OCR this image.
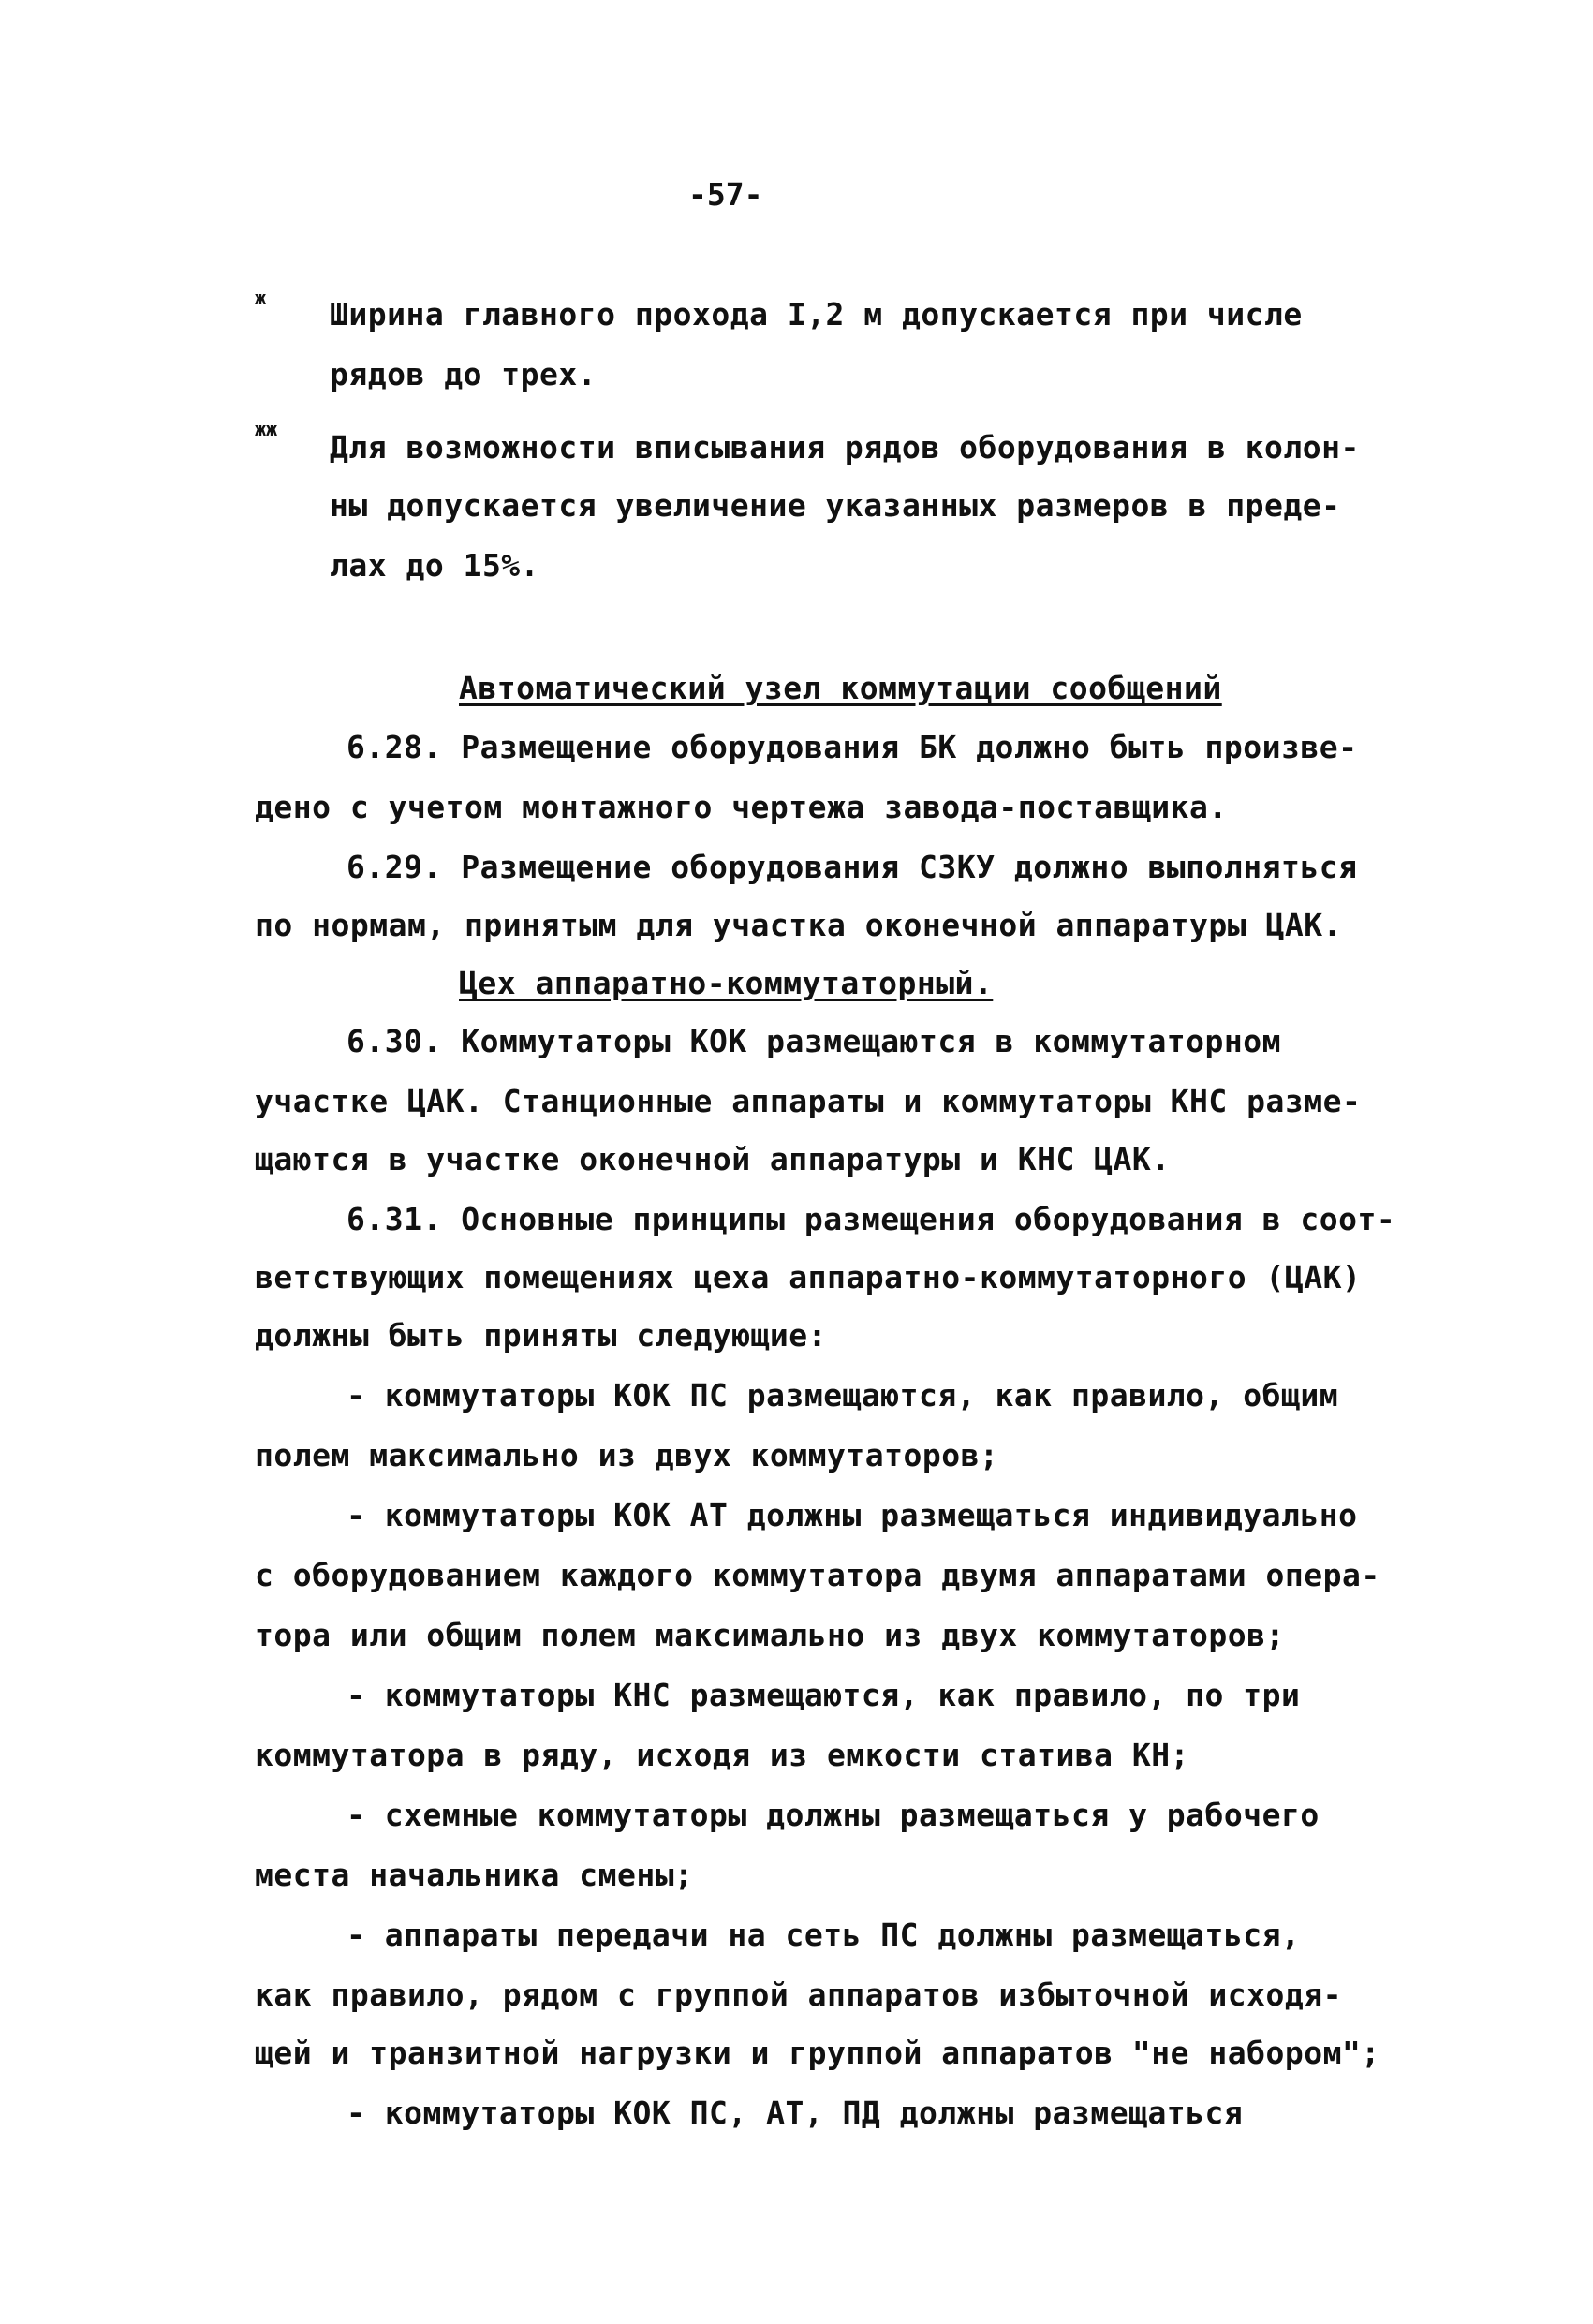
-57-
ж Ширина главного прохода I,2 м допускается при числе
рядов до трех.
жж Для возможности вписывания рядов оборудования в колон-
ны допускается увеличение указанных размеров в преде-
лах до 15%.
Автоматический узел коммутации сообщений
6.28. Размещение оборудования БК должно быть произве-
дено с учетом монтажного чертежа завода-поставщика.
6.29. Размещение оборудования СЗКУ должно выполняться
по нормам, принятым для участка оконечной аппаратуры ЦАК.
Цех аппаратно-коммутаторный.
6.30. Коммутаторы КОК размещаются в коммутаторном
участке ЦАК. Станционные аппараты и коммутаторы КНС разме-
щаются в участке оконечной аппаратуры и КНС ЦАК.
6.31. Основные принципы размещения оборудования в соот-
ветствующих помещениях цеха аппаратно-коммутаторного (ЦАК)
должны быть приняты следующие:
- коммутаторы КОК ПС размещаются, как правило, общим
полем максимально из двух коммутаторов;
- коммутаторы КОК АТ должны размещаться индивидуально
с оборудованием каждого коммутатора двумя аппаратами опера-
тора или общим полем максимально из двух коммутаторов;
- коммутаторы КНС размещаются, как правило, по три
коммутатора в ряду, исходя из емкости статива КН;
- схемные коммутаторы должны размещаться у рабочего
места начальника смены;
- аппараты передачи на сеть ПС должны размещаться,
как правило, рядом с группой аппаратов избыточной исходя-
щей и транзитной нагрузки и группой аппаратов "не набором";
- коммутаторы КОК ПС, АТ, ПД должны размещаться
